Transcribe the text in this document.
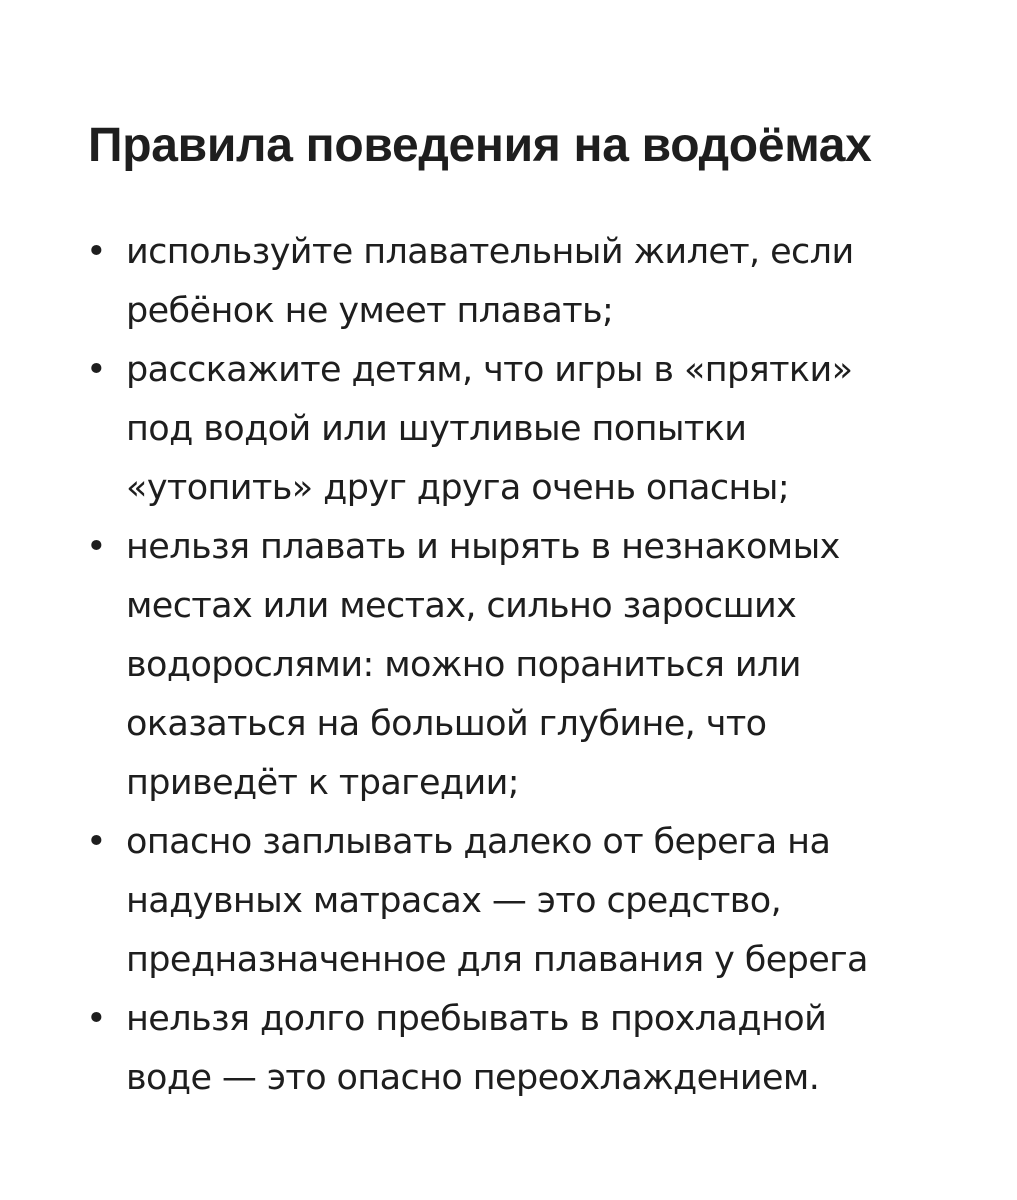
Правила поведения на водоёмах
• используйте плавательный жилет, если
ребёнок не умеет плавать;
• расскажите детям, что игры в «прятки»
под водой или шутливые попытки
«утопить» друг друга очень опасны;
• нельзя плавать и нырять в незнакомых
местах или местах, сильно заросших
водорослями: можно пораниться или
оказаться на большой глубине, что
приведёт к трагедии;
• опасно заплывать далеко от берега на
надувных матрасах — это средство,
предназначенное для плавания у берега
• нельзя долго пребывать в прохладной
воде — это опасно переохлаждением.
